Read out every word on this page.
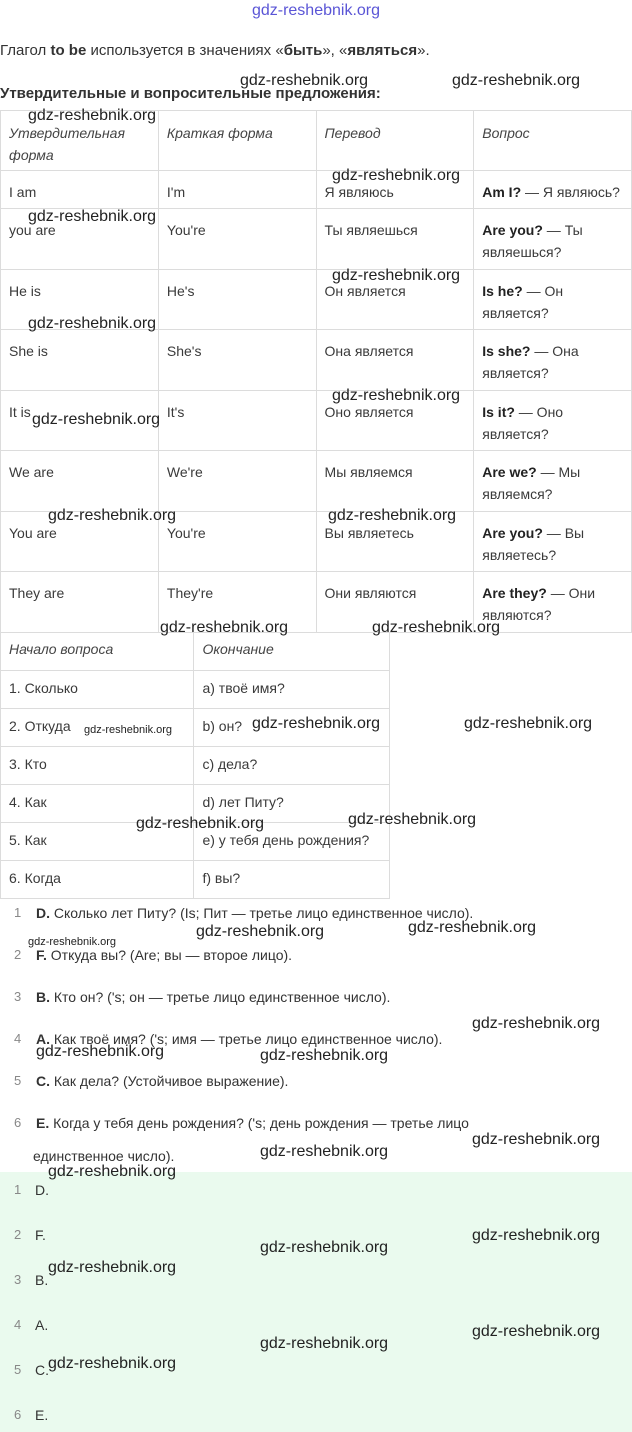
gdz-reshebnik.org
Глагол to be используется в значениях «быть», «являться».
Утвердительные и вопросительные предложения:
Утвердительная форма	Краткая форма	Перевод	Вопрос
I am	I'm	Я являюсь	Am I? — Я являюсь?
you are	You're	Ты являешься	Are you? — Ты являешься?
He is	He's	Он является	Is he? — Он является?
She is	She's	Она является	Is she? — Она является?
It is	It's	Оно является	Is it? — Оно является?
We are	We're	Мы являемся	Are we? — Мы являемся?
You are	You're	Вы являетесь	Are you? — Вы являетесь?
They are	They're	Они являются	Are they? — Они являются?
Начало вопроса	Окончание
1. Сколько	a) твоё имя?
2. Откуда	b) он?
3. Кто	c) дела?
4. Как	d) лет Питу?
5. Как	e) у тебя день рождения?
6. Когда	f) вы?
1 D. Сколько лет Питу? (Is; Пит — третье лицо единственное число).
2 F. Откуда вы? (Are; вы — второе лицо).
3 B. Кто он? ('s; он — третье лицо единственное число).
4 A. Как твоё имя? ('s; имя — третье лицо единственное число).
5 C. Как дела? (Устойчивое выражение).
6 E. Когда у тебя день рождения? ('s; день рождения — третье лицо
единственное число).
1 D.
2 F.
3 B.
4 A.
5 C.
6 E.
gdz-reshebnik.org	gdz-reshebnik.org
gdz-reshebnik.org
gdz-reshebnik.org
gdz-reshebnik.org
gdz-reshebnik.org
gdz-reshebnik.org
gdz-reshebnik.org
gdz-reshebnik.org
gdz-reshebnik.org	gdz-reshebnik.org
gdz-reshebnik.org	gdz-reshebnik.org
gdz-reshebnik.org	gdz-reshebnik.org	gdz-reshebnik.org
gdz-reshebnik.org	gdz-reshebnik.org
gdz-reshebnik.org
gdz-reshebnik.org	gdz-reshebnik.org
gdz-reshebnik.org
gdz-reshebnik.org	gdz-reshebnik.org
gdz-reshebnik.org
gdz-reshebnik.org
gdz-reshebnik.org
gdz-reshebnik.org
gdz-reshebnik.org
gdz-reshebnik.org
gdz-reshebnik.org
gdz-reshebnik.org
gdz-reshebnik.org
